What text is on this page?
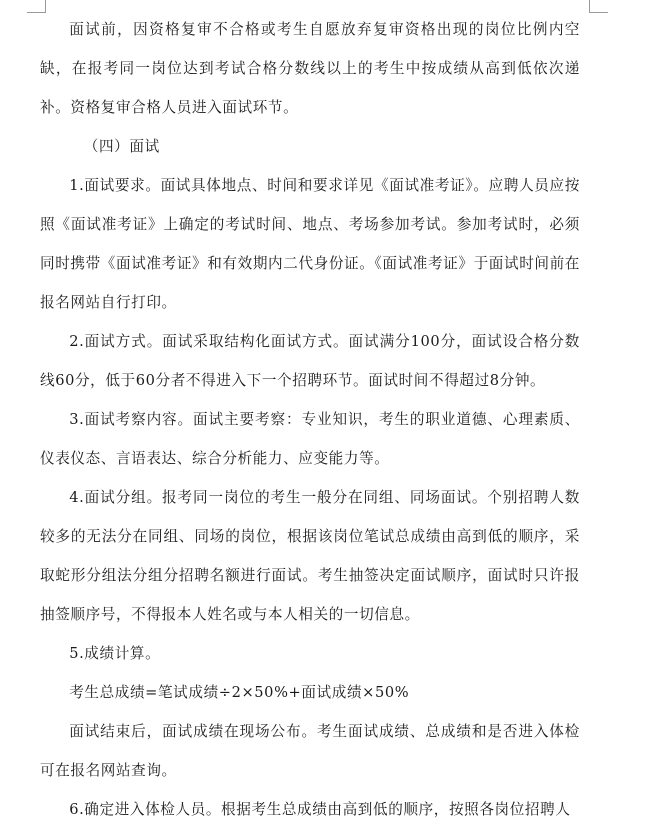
面试前，因资格复审不合格或考生自愿放弃复审资格出现的岗位比例内空缺，在报考同一岗位达到考试合格分数线以上的考生中按成绩从高到低依次递补。资格复审合格人员进入面试环节。

（四）面试

1.面试要求。面试具体地点、时间和要求详见《面试准考证》。应聘人员应按照《面试准考证》上确定的考试时间、地点、考场参加考试。参加考试时，必须同时携带《面试准考证》和有效期内二代身份证。《面试准考证》于面试时间前在报名网站自行打印。

2.面试方式。面试采取结构化面试方式。面试满分100分，面试设合格分数线60分，低于60分者不得进入下一个招聘环节。面试时间不得超过8分钟。

3.面试考察内容。面试主要考察：专业知识，考生的职业道德、心理素质、仪表仪态、言语表达、综合分析能力、应变能力等。

4.面试分组。报考同一岗位的考生一般分在同组、同场面试。个别招聘人数较多的无法分在同组、同场的岗位，根据该岗位笔试总成绩由高到低的顺序，采取蛇形分组法分组分招聘名额进行面试。考生抽签决定面试顺序，面试时只许报抽签顺序号，不得报本人姓名或与本人相关的一切信息。

5.成绩计算。

考生总成绩=笔试成绩÷2×50%+面试成绩×50%

面试结束后，面试成绩在现场公布。考生面试成绩、总成绩和是否进入体检可在报名网站查询。

6.确定进入体检人员。根据考生总成绩由高到低的顺序，按照各岗位招聘人
